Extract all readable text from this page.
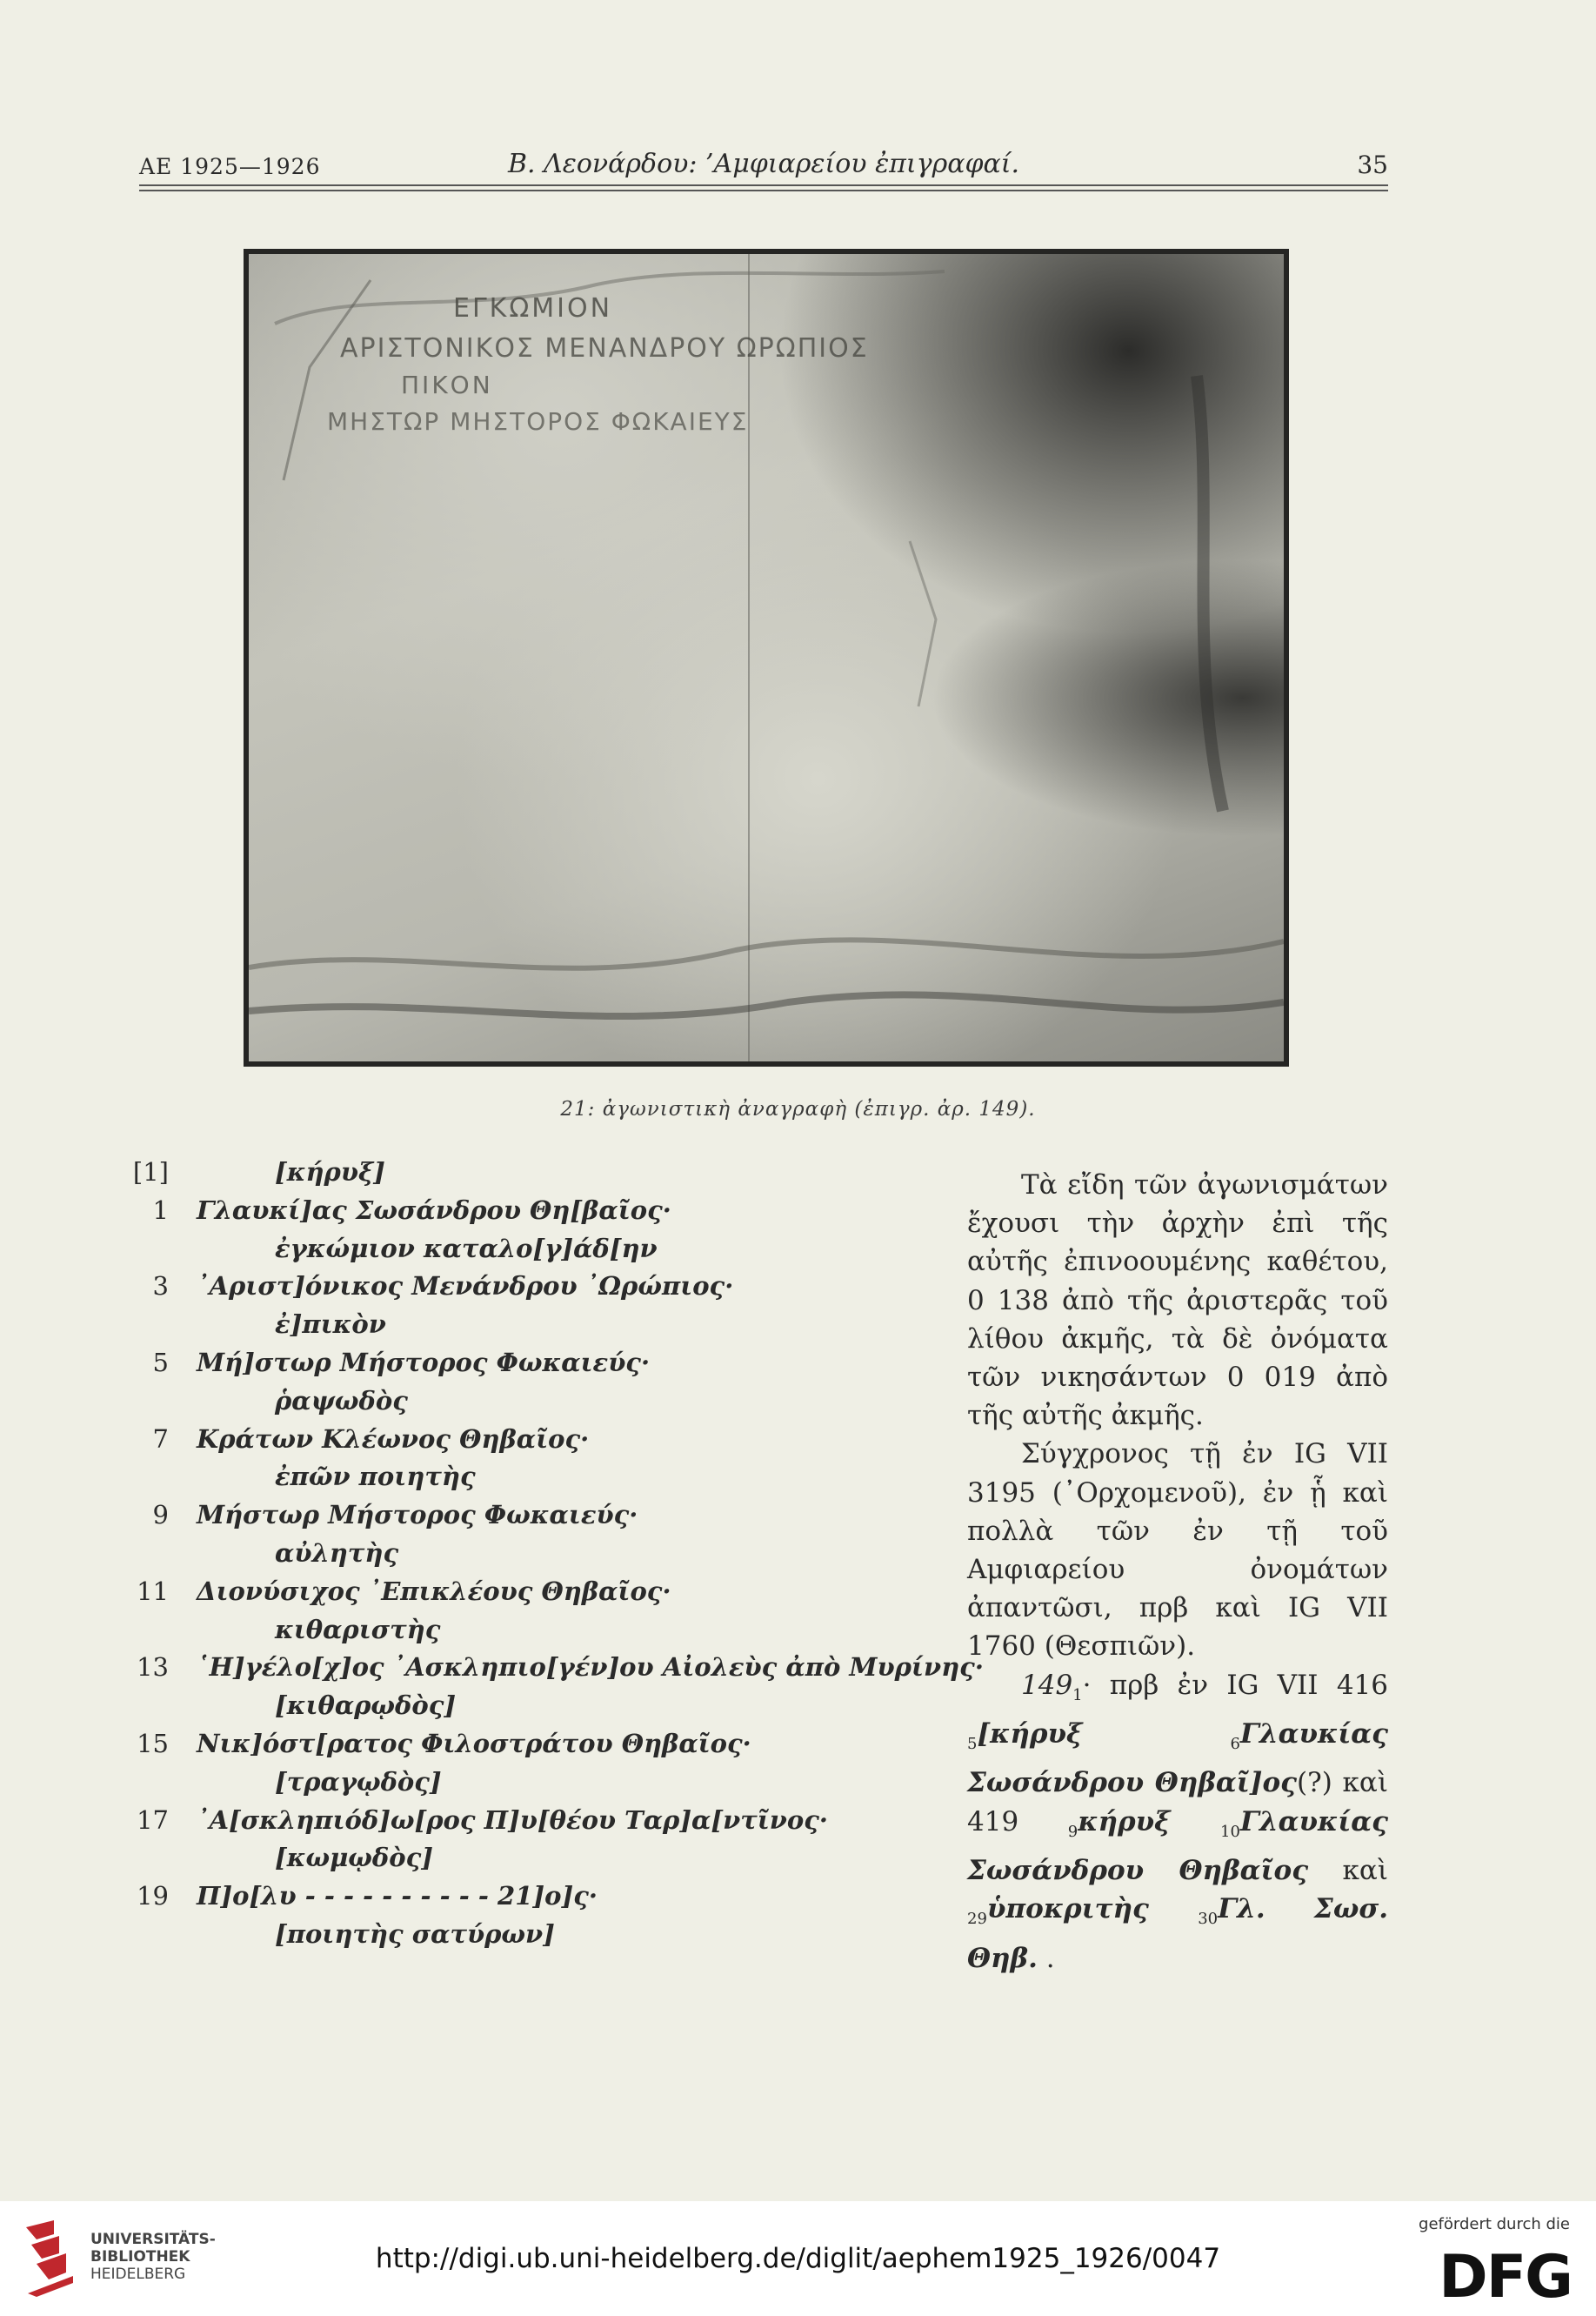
ΑΕ 1925—1926	Β. Λεονάρδου: ’Αμφιαρείου ἐπιγραφαί.	35
ΕΓΚΩΜΙΟΝ
ΑΡΙΣΤΟΝΙΚΟΣ ΜΕΝΑΝΔΡΟΥ ΩΡΩΠΙΟΣ
ΠΙΚΟΝ
ΜΗΣΤΩΡ ΜΗΣΤΟΡΟΣ ΦΩΚΑΙΕΥΣ
21: ἀγωνιστικὴ ἀναγραφὴ (ἐπιγρ. ἀρ. 149).
[1]	[κήρυξ]
1 Γλαυκί]ας Σωσάνδρου Θη[βαῖος·
ἐγκώμιον καταλο[γ]άδ[ην
3 ᾿Αριστ]όνικος Μενάνδρου ᾿Ωρώπιος·
ἐ]πικὸν
5 Μή]στωρ Μήστορος Φωκαιεύς·
ῥαψωδὸς
7 Κράτων Κλέωνος Θηβαῖος·
ἐπῶν ποιητὴς
9 Μήστωρ Μήστορος Φωκαιεύς·
αὐλητὴς
11 Διονύσιχος ᾿Επικλέους Θηβαῖος·
κιθαριστὴς
13 ῾Η]γέλο[χ]ος ᾿Ασκληπιο[γέν]ου Αἰολεὺς ἀπὸ Μυρίνης·
[κιθαρῳδὸς]
15 Νικ]όστ[ρατος Φιλοστράτου Θηβαῖος·
[τραγῳδὸς]
17 ᾿Α[σκληπιόδ]ω[ρος Π]υ[θέου Ταρ]α[ντῖνος·
[κωμῳδὸς]
19 Π]ο[λυ - - - - - - - - - - 21]ο]ς·
[ποιητὴς σατύρων]

Τὰ εἴδη τῶν ἀγωνισμάτων ἔχουσι τὴν ἀρχὴν ἐπὶ τῆς αὐτῆς ἐπινοουμένης καθέτου, 0 138 ἀπὸ τῆς ἀριστερᾶς τοῦ λίθου ἀκμῆς, τὰ δὲ ὀνόματα τῶν νικησάντων 0 019 ἀπὸ τῆς αὐτῆς ἀκμῆς.

Σύγχρονος τῇ ἐν IG VII 3195 (᾿Ορχομενοῦ), ἐν ᾗ καὶ πολλὰ τῶν ἐν τῇ τοῦ Αμφιαρείου ὀνομάτων ἀπαντῶσι, πρβ καὶ IG VII 1760 (Θεσπιῶν).

$149_1\cdot \pi\rho\beta$ ἐν IG VII 416 $_5$[κήρυξ $_6$Γλαυκίας Σωσάνδρου Θηβαῖ]ος(?) καὶ 419 $_9$κήρυξ $_{10}$Γλαυκίας Σωσάνδρου Θηβαῖος καὶ $_{29}$ὑποκριτὴς $_{30}$Γλ. Σωσ. Θηβ. .

UNIVERSITÄTS-
BIBLIOTHEK
HEIDELBERG	http://digi.ub.uni-heidelberg.de/diglit/aephem1925_1926/0047
gefördert durch die
DFG
